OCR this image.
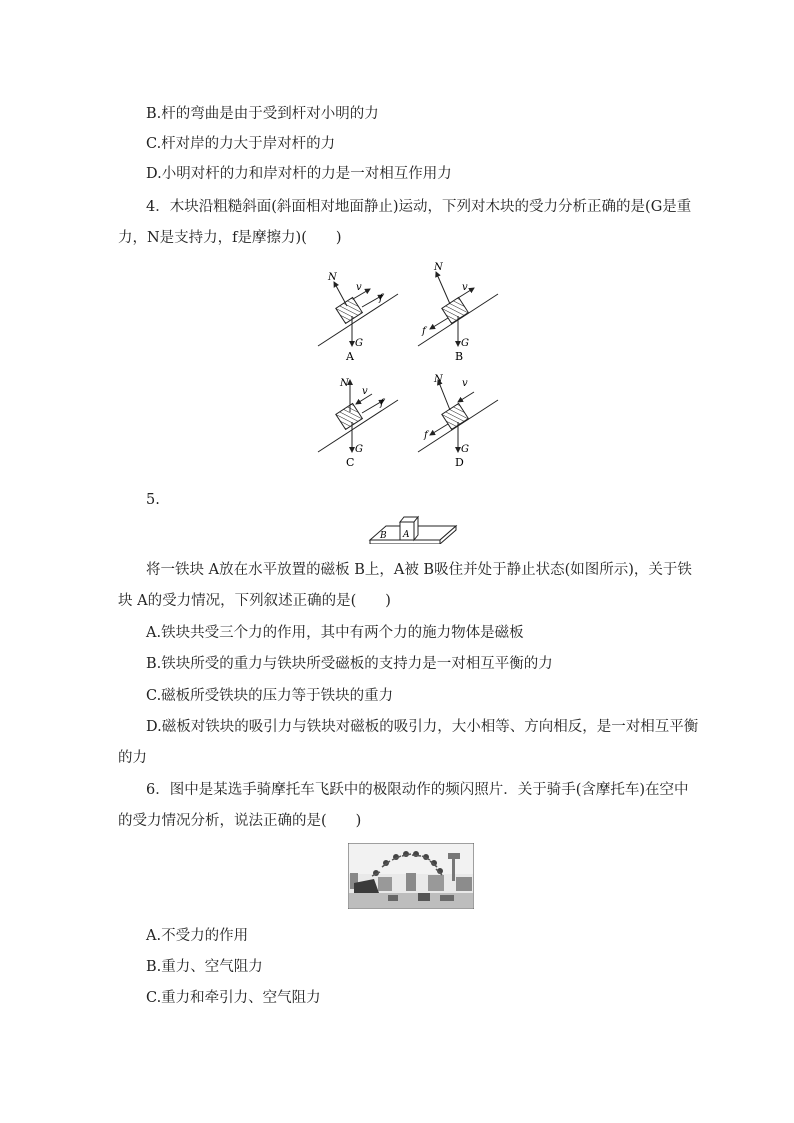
B.杆的弯曲是由于受到杆对小明的力
C.杆对岸的力大于岸对杆的力
D.小明对杆的力和岸对杆的力是一对相互作用力
4．木块沿粗糙斜面(斜面相对地面静止)运动，下列对木块的受力分析正确的是(G是重
力，N是支持力，f是摩擦力)(　　)
N
v
f
G
A
N
v
f
G
B
N
v
f
G
C
N v
f
G
D
5.
B A
将一铁块 A放在水平放置的磁板 B上，A被 B吸住并处于静止状态(如图所示)，关于铁
块 A的受力情况，下列叙述正确的是(　　)
A.铁块共受三个力的作用，其中有两个力的施力物体是磁板
B.铁块所受的重力与铁块所受磁板的支持力是一对相互平衡的力
C.磁板所受铁块的压力等于铁块的重力
D.磁板对铁块的吸引力与铁块对磁板的吸引力，大小相等、方向相反，是一对相互平衡
的力
6．图中是某选手骑摩托车飞跃中的极限动作的频闪照片．关于骑手(含摩托车)在空中
的受力情况分析，说法正确的是(　　)
A.不受力的作用
B.重力、空气阻力
C.重力和牵引力、空气阻力
